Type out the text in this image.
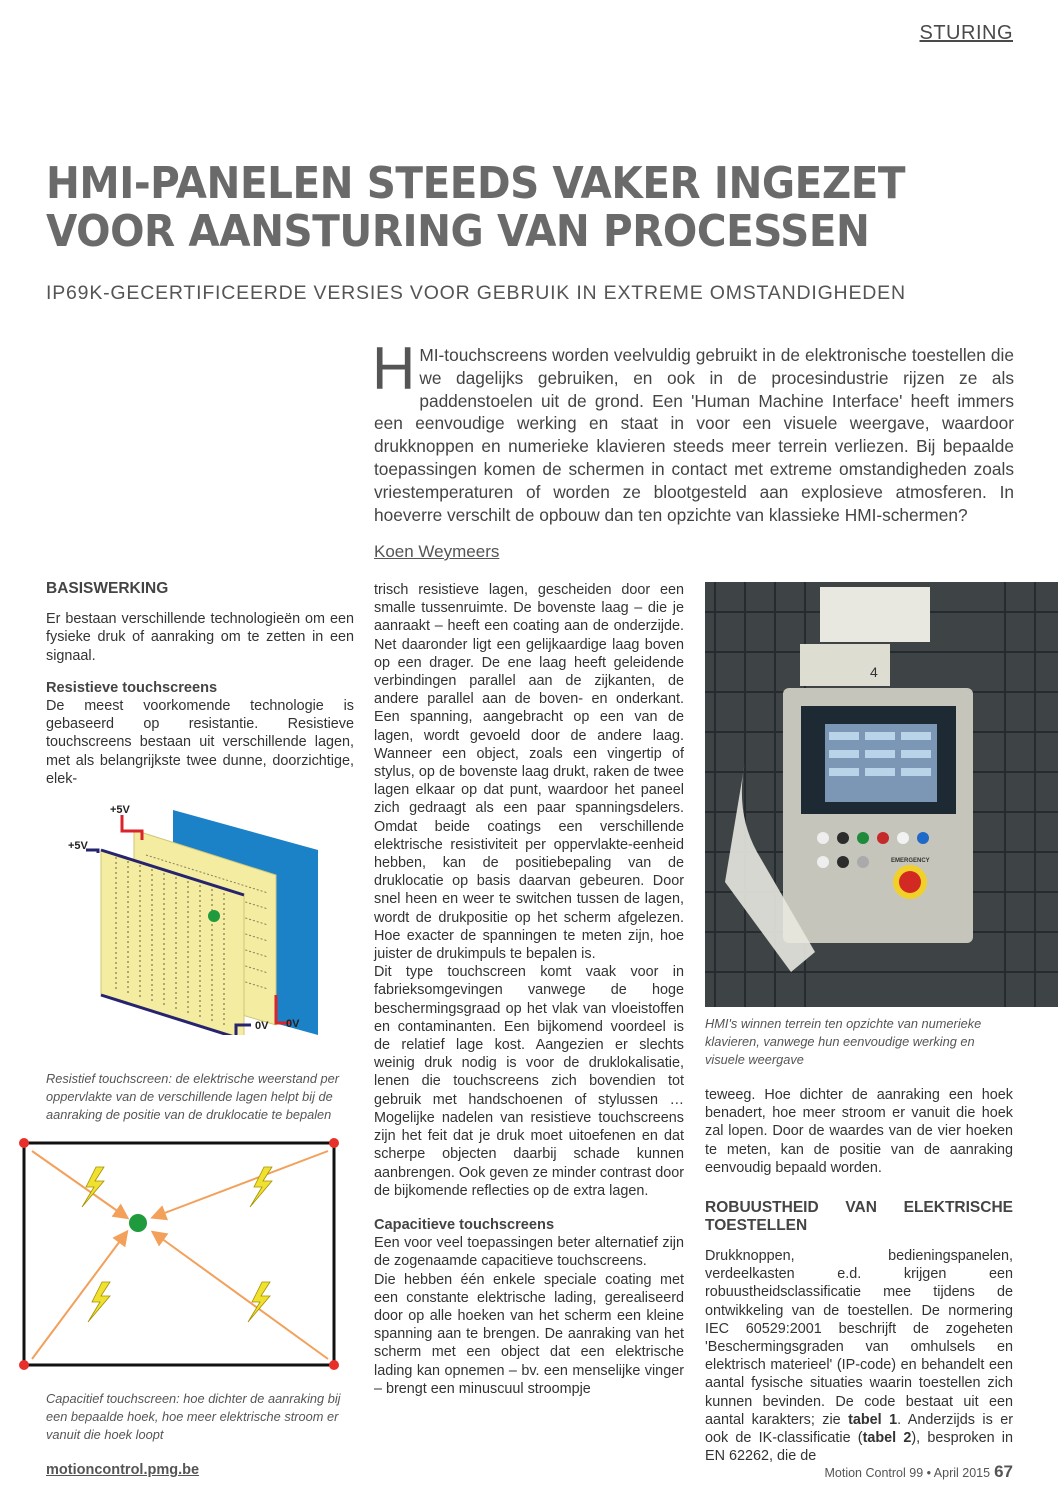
STURING
HMI-PANELEN STEEDS VAKER INGEZET VOOR AANSTURING VAN PROCESSEN
IP69K-GECERTIFICEERDE VERSIES VOOR GEBRUIK IN EXTREME OMSTANDIGHEDEN
HMI-touchscreens worden veelvuldig gebruikt in de elektronische toestellen die we dagelijks gebruiken, en ook in de procesindustrie rijzen ze als paddenstoelen uit de grond. Een 'Human Machine Interface' heeft immers een eenvoudige werking en staat in voor een visuele weergave, waardoor drukknoppen en numerieke klavieren steeds meer terrein verliezen. Bij bepaalde toepassingen komen de schermen in contact met extreme omstandigheden zoals vriestemperaturen of worden ze blootgesteld aan explosieve atmosferen. In hoeverre verschilt de opbouw dan ten opzichte van klassieke HMI-schermen?
Koen Weymeers
BASISWERKING

Er bestaan verschillende technologieën om een fysieke druk of aanraking om te zetten in een signaal.

Resistieve touchscreens

De meest voorkomende technologie is gebaseerd op resistantie. Resistieve touchscreens bestaan uit verschillende lagen, met als belangrijkste twee dunne, doorzichtige, elek-

+5V
+5V
0V 0V
Resistief touchscreen: de elektrische weerstand per oppervlakte van de verschillende lagen helpt bij de aanraking de positie van de druklocatie te bepalen
Capacitief touchscreen: hoe dichter de aanraking bij een bepaalde hoek, hoe meer elektrische stroom er vanuit die hoek loopt

trisch resistieve lagen, gescheiden door een smalle tussenruimte. De bovenste laag – die je aanraakt – heeft een coating aan de onderzijde. Net daaronder ligt een gelijkaardige laag boven op een drager. De ene laag heeft geleidende verbindingen parallel aan de zijkanten, de andere parallel aan de boven- en onderkant. Een spanning, aangebracht op een van de lagen, wordt gevoeld door de andere laag. Wanneer een object, zoals een vingertip of stylus, op de bovenste laag drukt, raken de twee lagen elkaar op dat punt, waardoor het paneel zich gedraagt als een paar spanningsdelers. Omdat beide coatings een verschillende elektrische resistiviteit per oppervlakte-eenheid hebben, kan de positiebepaling van de druklocatie op basis daarvan gebeuren. Door snel heen en weer te switchen tussen de lagen, wordt de drukpositie op het scherm afgelezen. Hoe exacter de spanningen te meten zijn, hoe juister de drukimpuls te bepalen is.

Dit type touchscreen komt vaak voor in fabrieksomgevingen vanwege de hoge beschermingsgraad op het vlak van vloeistoffen en contaminanten. Een bijkomend voordeel is de relatief lage kost. Aangezien er slechts weinig druk nodig is voor de druklokalisatie, lenen die touchscreens zich bovendien tot gebruik met handschoenen of stylussen … Mogelijke nadelen van resistieve touchscreens zijn het feit dat je druk moet uitoefenen en dat scherpe objecten daarbij schade kunnen aanbrengen. Ook geven ze minder contrast door de bijkomende reflecties op de extra lagen.

Capacitieve touchscreens

Een voor veel toepassingen beter alternatief zijn de zogenaamde capacitieve touchscreens.

Die hebben één enkele speciale coating met een constante elektrische lading, gerealiseerd door op alle hoeken van het scherm een kleine spanning aan te brengen. De aanraking van het scherm met een object dat een elektrische lading kan opnemen – bv. een menselijke vinger – brengt een minuscuul stroompje

4
EMERGENCY
HMI's winnen terrein ten opzichte van numerieke klavieren, vanwege hun eenvoudige werking en visuele weergave

teweeg. Hoe dichter de aanraking een hoek benadert, hoe meer stroom er vanuit die hoek zal lopen. Door de waardes van de vier hoeken te meten, kan de positie van de aanraking eenvoudig bepaald worden.

ROBUUSTHEID VAN ELEKTRISCHE TOESTELLEN

Drukknoppen, bedieningspanelen, verdeelkasten e.d. krijgen een robuustheidsclassificatie mee tijdens de ontwikkeling van de toestellen. De normering IEC 60529:2001 beschrijft de zogeheten 'Beschermingsgraden van omhulsels en elektrisch materieel' (IP-code) en behandelt een aantal fysische situaties waarin toestellen zich kunnen bevinden. De code bestaat uit een aantal karakters; zie tabel 1. Anderzijds is er ook de IK-classificatie (tabel 2), besproken in EN 62262, die de

motioncontrol.pmg.be	Motion Control 99 • April 2015 67
